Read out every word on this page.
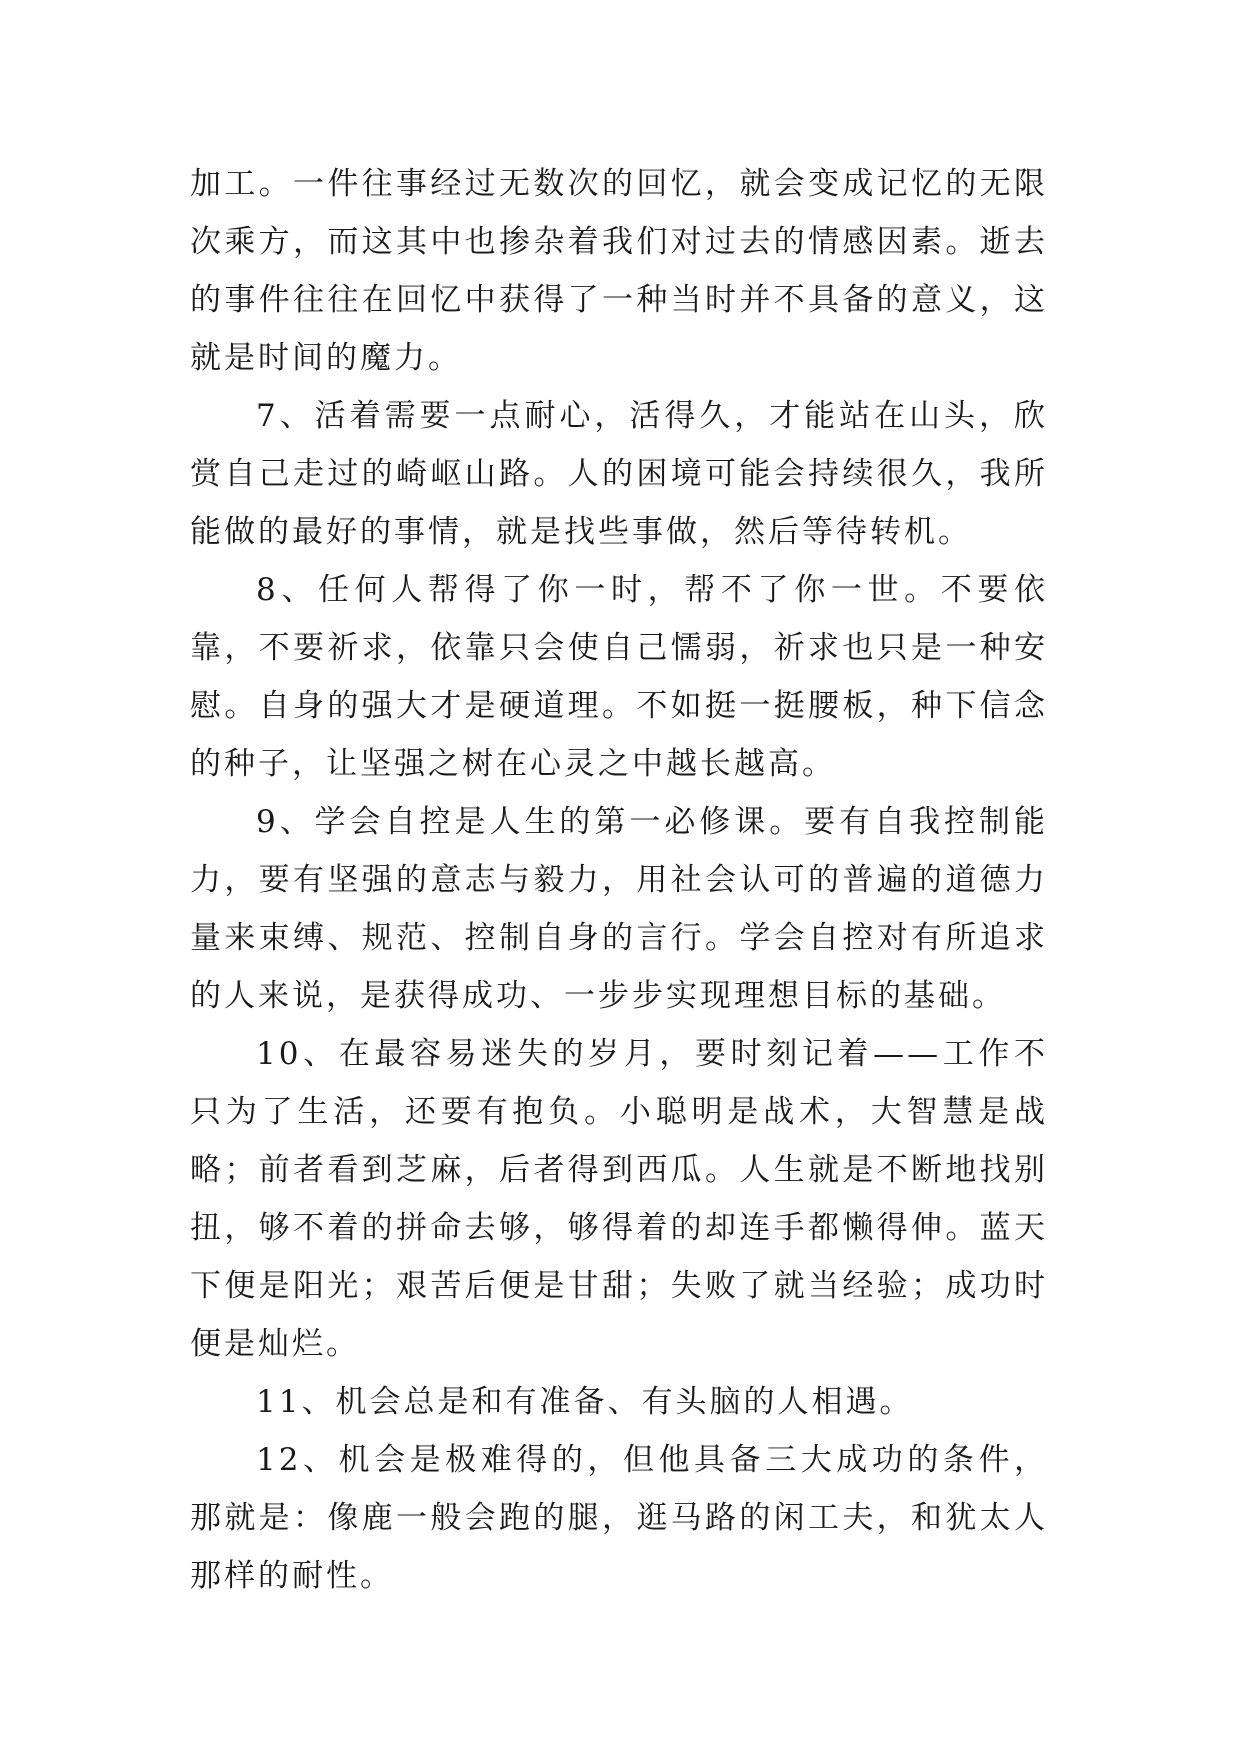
加工。一件往事经过无数次的回忆，就会变成记忆的无限次乘方，而这其中也掺杂着我们对过去的情感因素。逝去的事件往往在回忆中获得了一种当时并不具备的意义，这就是时间的魔力。

7、活着需要一点耐心，活得久，才能站在山头，欣赏自己走过的崎岖山路。人的困境可能会持续很久，我所能做的最好的事情，就是找些事做，然后等待转机。

8、任何人帮得了你一时，帮不了你一世。不要依靠，不要祈求，依靠只会使自己懦弱，祈求也只是一种安慰。自身的强大才是硬道理。不如挺一挺腰板，种下信念的种子，让坚强之树在心灵之中越长越高。

9、学会自控是人生的第一必修课。要有自我控制能力，要有坚强的意志与毅力，用社会认可的普遍的道德力量来束缚、规范、控制自身的言行。学会自控对有所追求的人来说，是获得成功、一步步实现理想目标的基础。

10、在最容易迷失的岁月，要时刻记着——工作不只为了生活，还要有抱负。小聪明是战术，大智慧是战略；前者看到芝麻，后者得到西瓜。人生就是不断地找别扭，够不着的拼命去够，够得着的却连手都懒得伸。蓝天下便是阳光；艰苦后便是甘甜；失败了就当经验；成功时便是灿烂。

11、机会总是和有准备、有头脑的人相遇。

12、机会是极难得的，但他具备三大成功的条件，那就是：像鹿一般会跑的腿，逛马路的闲工夫，和犹太人那样的耐性。
